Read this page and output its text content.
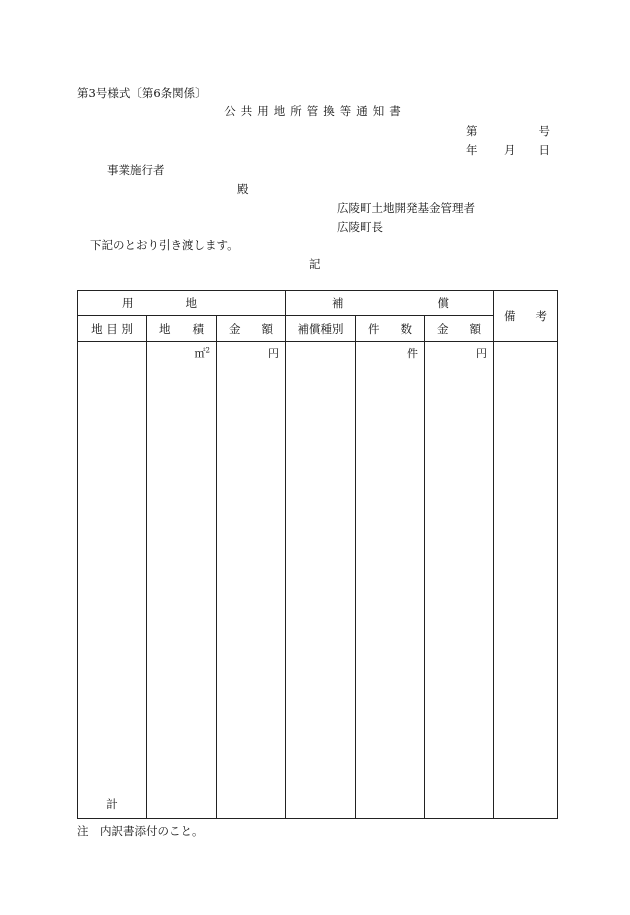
第3号様式〔第6条関係〕
公共用地所管換等通知書
第	号
年 月 日
事業施行者
殿
広陵町土地開発基金管理者
広陵町長
下記のとおり引き渡します。
記
用 地			補 償			備 考

地 目 別	地 積	金 額	補償種別	件 数	金 額	

計	㎡$^2$	円		件	円	

注　内訳書添付のこと。
